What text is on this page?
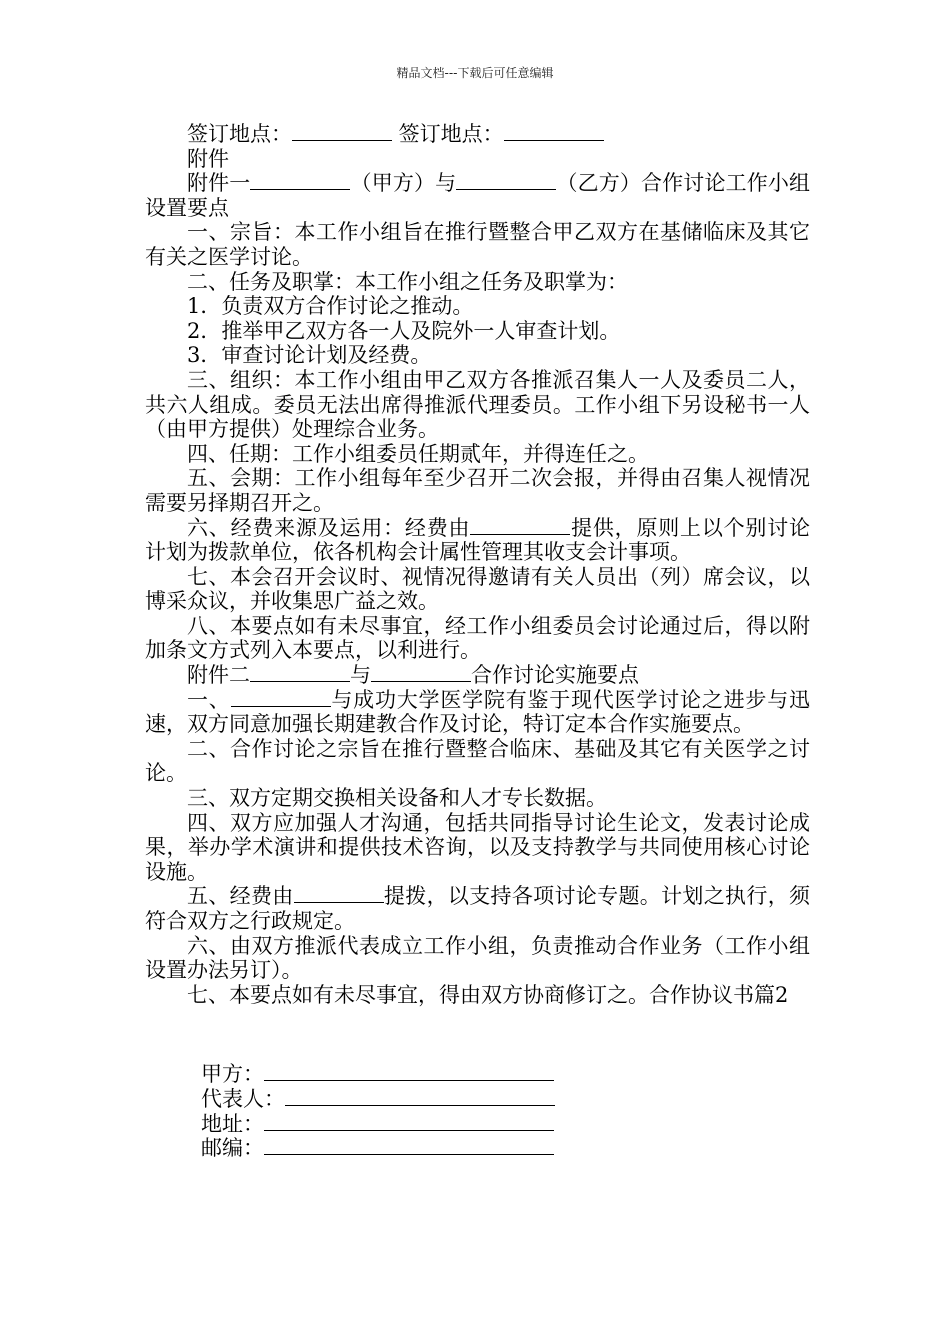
精品文档---下载后可任意编辑

签订地点：	签订地点：

附件

附件一	（甲方）与	（乙方）合作讨论工作小组设置要点

一、宗旨：本工作小组旨在推行暨整合甲乙双方在基储临床及其它有关之医学讨论。

二、任务及职掌：本工作小组之任务及职掌为：

1．负责双方合作讨论之推动。

2．推举甲乙双方各一人及院外一人审查计划。

3．审查讨论计划及经费。

三、组织：本工作小组由甲乙双方各推派召集人一人及委员二人，共六人组成。委员无法出席得推派代理委员。工作小组下另设秘书一人（由甲方提供）处理综合业务。

四、任期：工作小组委员任期贰年，并得连任之。

五、会期：工作小组每年至少召开二次会报，并得由召集人视情况需要另择期召开之。

六、经费来源及运用：经费由	提供，原则上以个别讨论计划为拨款单位，依各机构会计属性管理其收支会计事项。

七、本会召开会议时、视情况得邀请有关人员出（列）席会议，以博采众议，并收集思广益之效。

八、本要点如有未尽事宜，经工作小组委员会讨论通过后，得以附加条文方式列入本要点，以利进行。

附件二	与	合作讨论实施要点

一、	与成功大学医学院有鉴于现代医学讨论之进步与迅速，双方同意加强长期建教合作及讨论，特订定本合作实施要点。

二、合作讨论之宗旨在推行暨整合临床、基础及其它有关医学之讨论。

三、双方定期交换相关设备和人才专长数据。

四、双方应加强人才沟通，包括共同指导讨论生论文，发表讨论成果，举办学术演讲和提供技术咨询，以及支持教学与共同使用核心讨论设施。

五、经费由	提拨，以支持各项讨论专题。计划之执行，须符合双方之行政规定。

六、由双方推派代表成立工作小组，负责推动合作业务（工作小组设置办法另订）。

七、本要点如有未尽事宜，得由双方协商修订之。合作协议书篇2

甲方：
代表人：
地址：
邮编：
